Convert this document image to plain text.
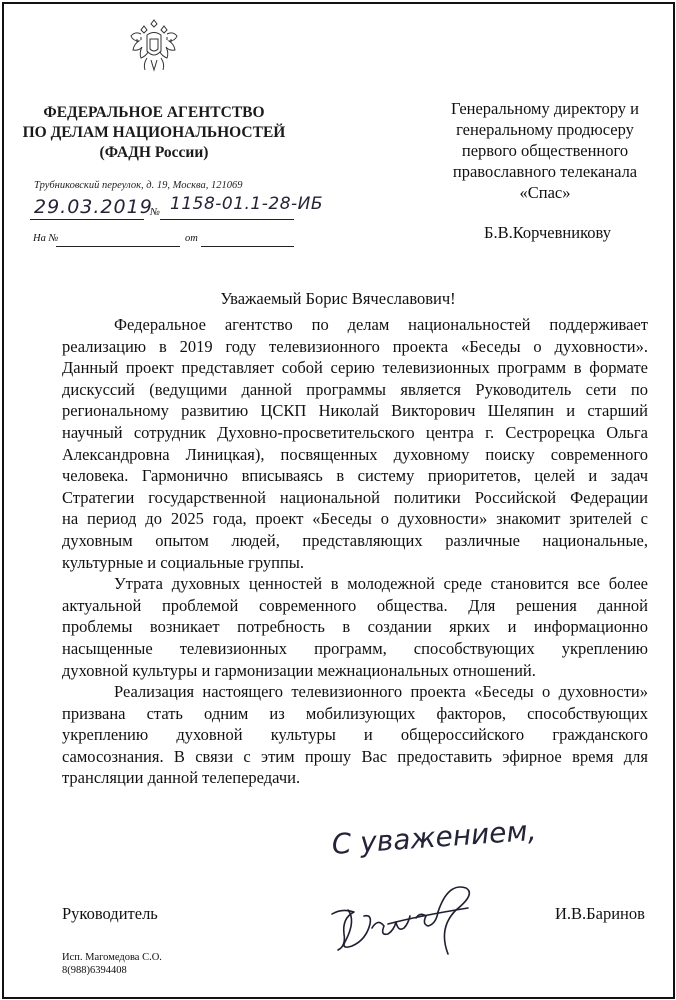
ФЕДЕРАЛЬНОЕ АГЕНТСТВО
ПО ДЕЛАМ НАЦИОНАЛЬНОСТЕЙ
(ФАДН России)
Трубниковский переулок, д. 19, Москва, 121069
29.03.2019
№ 1158-01.1-28-ИБ
На №	от
Генеральному директору и
генеральному продюсеру
первого общественного
православного телеканала
«Спас»
Б.В.Корчевникову
Уважаемый Борис Вячеславович!
Федеральное агентство по делам национальностей поддерживает
реализацию в 2019 году телевизионного проекта «Беседы о духовности».
Данный проект представляет собой серию телевизионных программ в формате
дискуссий (ведущими данной программы является Руководитель сети по
региональному развитию ЦСКП Николай Викторович Шеляпин и старший
научный сотрудник Духовно-просветительского центра г. Сестрорецка Ольга
Александровна Линицкая), посвященных духовному поиску современного
человека. Гармонично вписываясь в систему приоритетов, целей и задач
Стратегии государственной национальной политики Российской Федерации
на период до 2025 года, проект «Беседы о духовности» знакомит зрителей с
духовным опытом людей, представляющих различные национальные,
культурные и социальные группы.
Утрата духовных ценностей в молодежной среде становится все более
актуальной проблемой современного общества. Для решения данной
проблемы возникает потребность в создании ярких и информационно
насыщенные телевизионных программ, способствующих укреплению
духовной культуры и гармонизации межнациональных отношений.
Реализация настоящего телевизионного проекта «Беседы о духовности»
призвана стать одним из мобилизующих факторов, способствующих
укреплению духовной культуры и общероссийского гражданского
самосознания. В связи с этим прошу Вас предоставить эфирное время для
трансляции данной телепередачи.
С уважением,
Руководитель	И.В.Баринов
Исп. Магомедова С.О.
8(988)6394408
